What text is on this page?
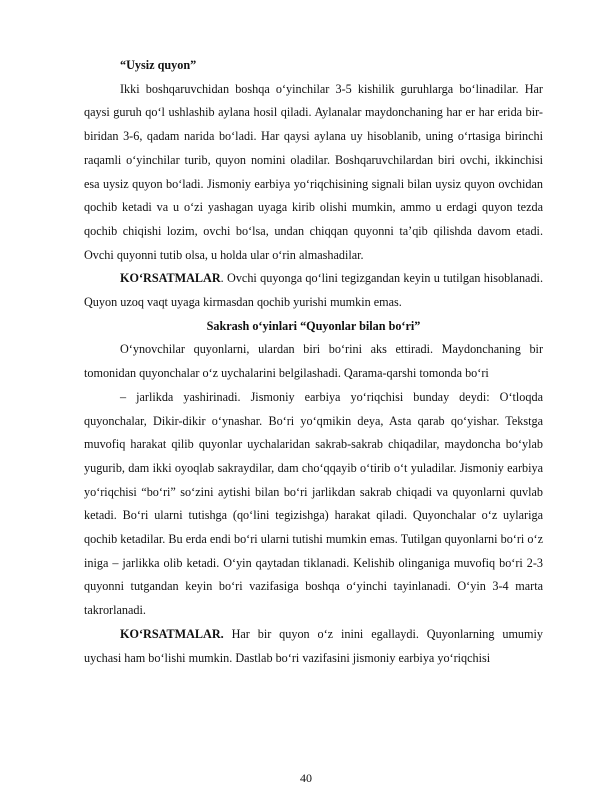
“Uysiz quyon”

Ikki boshqaruvchidan boshqa o‘yinchilar 3-5 kishilik guruhlarga bo‘linadilar. Har qaysi guruh qo‘l ushlashib aylana hosil qiladi. Aylanalar maydonchaning har er har erida bir-biridan 3-6, qadam narida bo‘ladi. Har qaysi aylana uy hisoblanib, uning o‘rtasiga birinchi raqamli o‘yinchilar turib, quyon nomini oladilar. Boshqaruvchilardan biri ovchi, ikkinchisi esa uysiz quyon bo‘ladi. Jismoniy earbiya yo‘riqchisining signali bilan uysiz quyon ovchidan qochib ketadi va u o‘zi yashagan uyaga kirib olishi mumkin, ammo u erdagi quyon tezda qochib chiqishi lozim, ovchi bo‘lsa, undan chiqqan quyonni ta’qib qilishda davom etadi. Ovchi quyonni tutib olsa, u holda ular o‘rin almashadilar.

KO‘RSATMALAR. Ovchi quyonga qo‘lini tegizgandan keyin u tutilgan hisoblanadi. Quyon uzoq vaqt uyaga kirmasdan qochib yurishi mumkin emas.

Sakrash o‘yinlari “Quyonlar bilan bo‘ri”

O‘ynovchilar quyonlarni, ulardan biri bo‘rini aks ettiradi. Maydonchaning bir tomonidan quyonchalar o‘z uychalarini belgilashadi. Qarama-qarshi tomonda bo‘ri

– jarlikda yashirinadi. Jismoniy earbiya yo‘riqchisi bunday deydi: O‘tloqda quyonchalar, Dikir-dikir o‘ynashar. Bo‘ri yo‘qmikin deya, Asta qarab qo‘yishar. Tekstga muvofiq harakat qilib quyonlar uychalaridan sakrab-sakrab chiqadilar, maydoncha bo‘ylab yugurib, dam ikki oyoqlab sakraydilar, dam cho‘qqayib o‘tirib o‘t yuladilar. Jismoniy earbiya yo‘riqchisi “bo‘ri” so‘zini aytishi bilan bo‘ri jarlikdan sakrab chiqadi va quyonlarni quvlab ketadi. Bo‘ri ularni tutishga (qo‘lini tegizishga) harakat qiladi. Quyonchalar o‘z uylariga qochib ketadilar. Bu erda endi bo‘ri ularni tutishi mumkin emas. Tutilgan quyonlarni bo‘ri o‘z iniga – jarlikka olib ketadi. O‘yin qaytadan tiklanadi. Kelishib olinganiga muvofiq bo‘ri 2-3 quyonni tutgandan keyin bo‘ri vazifasiga boshqa o‘yinchi tayinlanadi. O‘yin 3-4 marta takrorlanadi.

KO‘RSATMALAR. Har bir quyon o‘z inini egallaydi. Quyonlarning umumiy uychasi ham bo‘lishi mumkin. Dastlab bo‘ri vazifasini jismoniy earbiya yo‘riqchisi

40
